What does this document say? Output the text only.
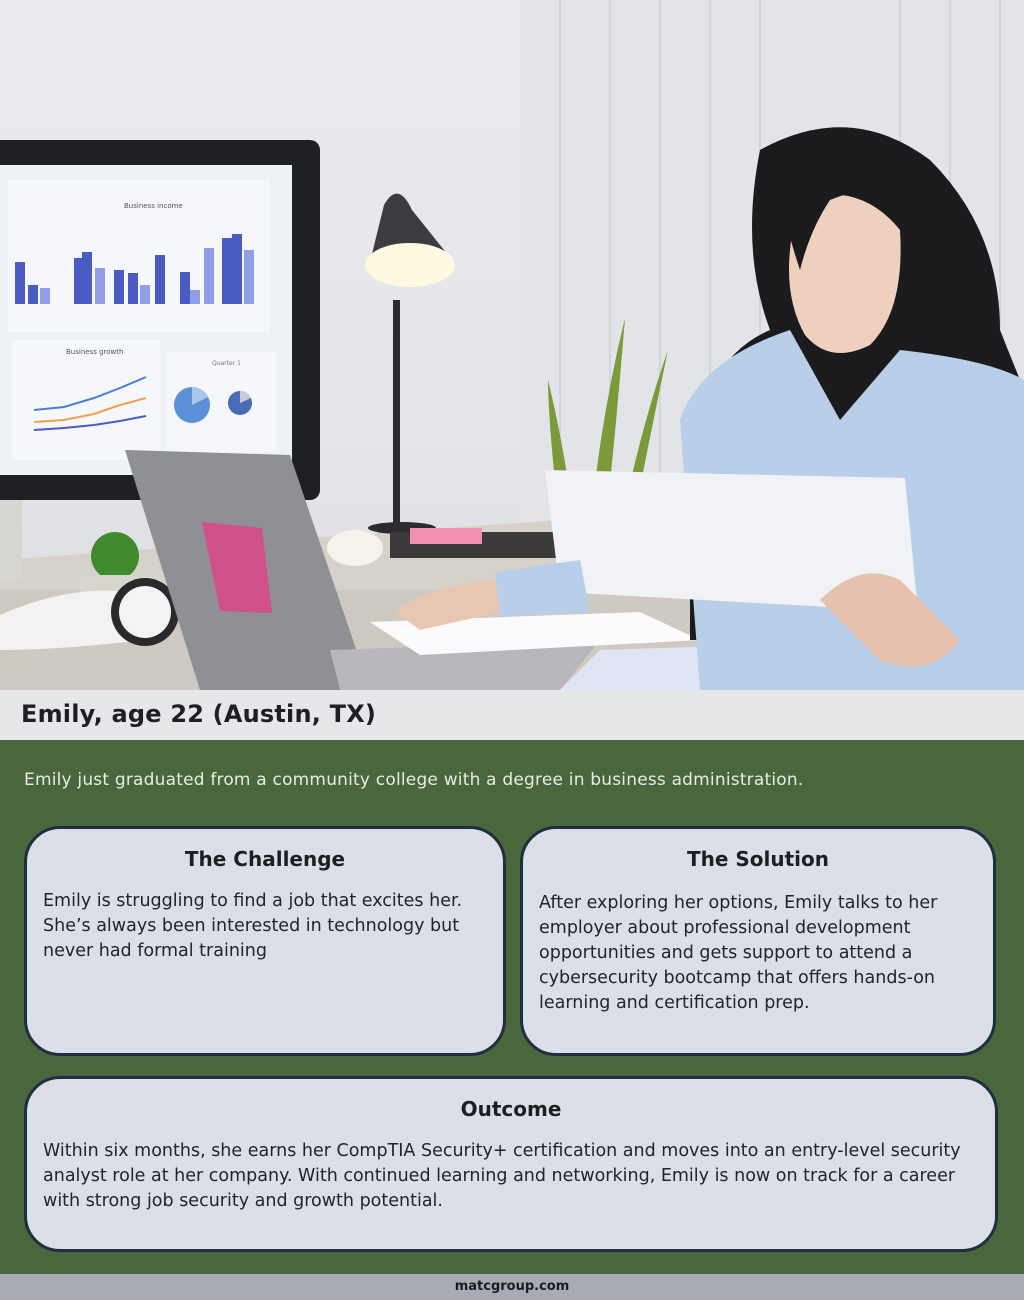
Business income
Business growth
Quarter 1
Emily, age 22 (Austin, TX)

Emily just graduated from a community college with a degree in business administration.

The Challenge

Emily is struggling to find a job that excites her. She’s always been interested in technology but never had formal training

The Solution

After exploring her options, Emily talks to her employer about professional development opportunities and gets support to attend a cybersecurity bootcamp that offers hands-on learning and certification prep.

Outcome

Within six months, she earns her CompTIA Security+ certification and moves into an entry-level security analyst role at her company. With continued learning and networking, Emily is now on track for a career with strong job security and growth potential.

matcgroup.com
